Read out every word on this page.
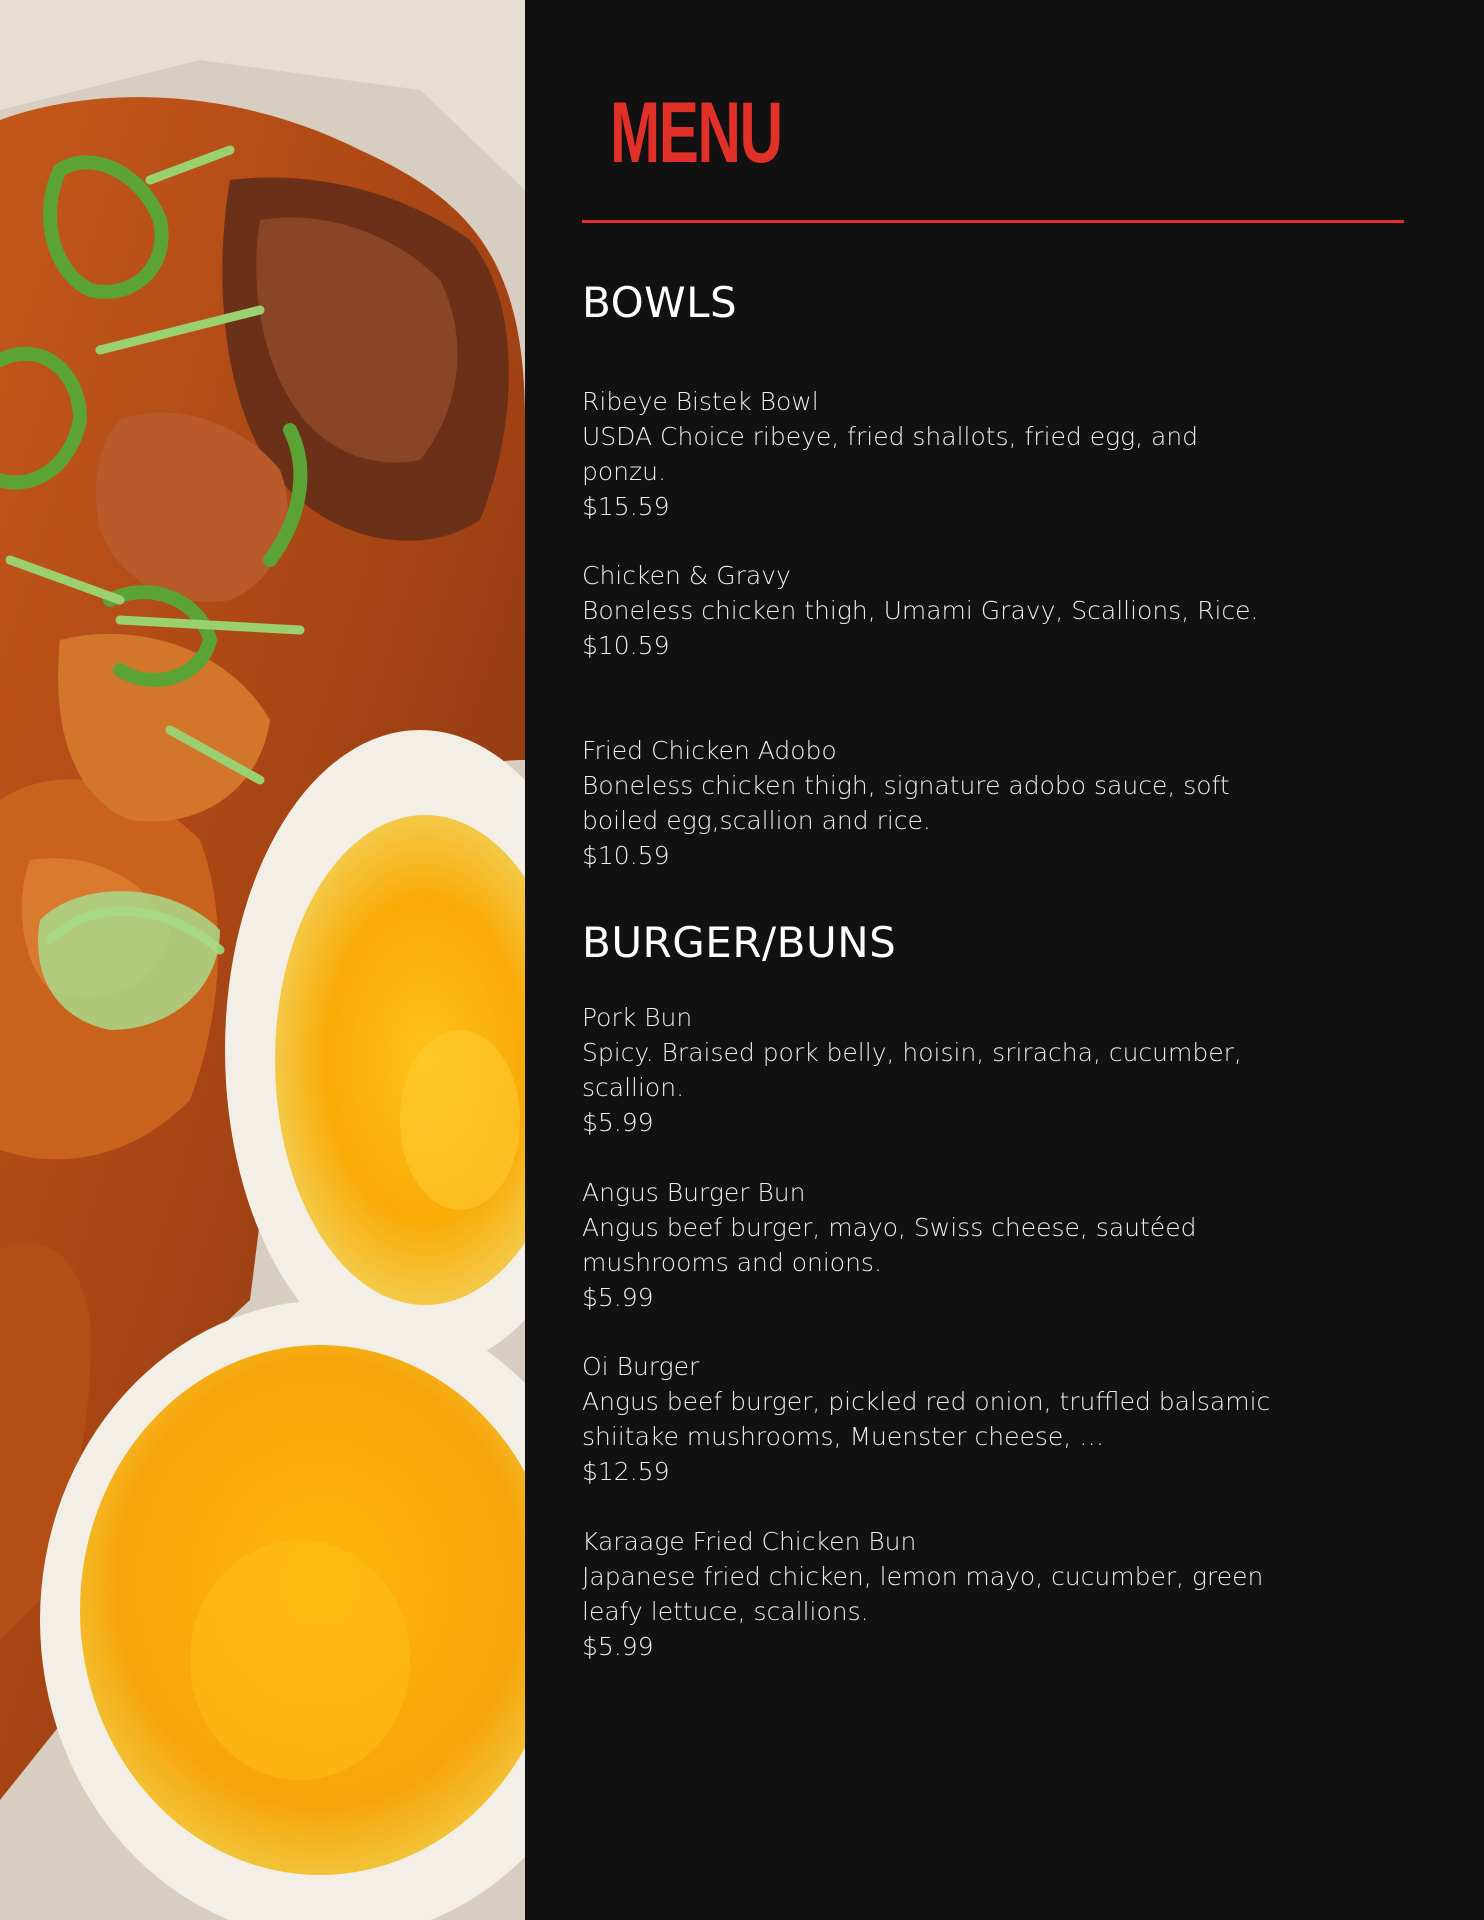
MENU
BOWLS
Ribeye Bistek Bowl
USDA Choice ribeye, fried shallots, fried egg, and ponzu.
$15.59
Chicken & Gravy
Boneless chicken thigh, Umami Gravy, Scallions, Rice.
$10.59
Fried Chicken Adobo
Boneless chicken thigh, signature adobo sauce, soft boiled egg,scallion and rice.
$10.59
BURGER/BUNS
Pork Bun
Spicy. Braised pork belly, hoisin, sriracha, cucumber, scallion.
$5.99
Angus Burger Bun
Angus beef burger, mayo, Swiss cheese, sautéed mushrooms and onions.
$5.99
Oi Burger
Angus beef burger, pickled red onion, truffled balsamic shiitake mushrooms, Muenster cheese, …
$12.59
Karaage Fried Chicken Bun
Japanese fried chicken, lemon mayo, cucumber, green leafy lettuce, scallions.
$5.99
